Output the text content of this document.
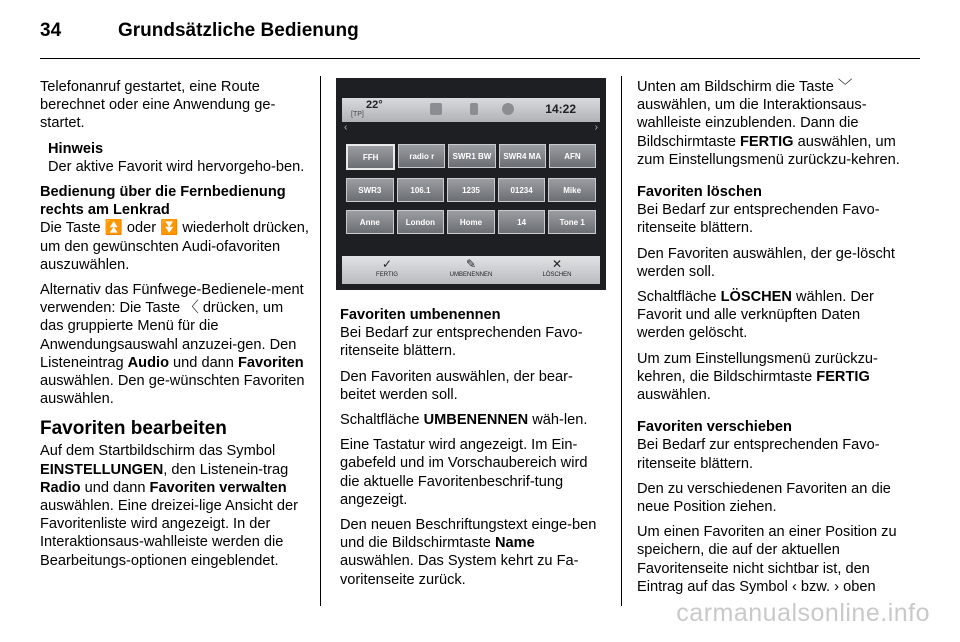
34	Grundsätzliche Bedienung

Telefonanruf gestartet, eine Route berechnet oder eine Anwendung ge-startet.

Hinweis
Der aktive Favorit wird hervorgeho-ben.

Bedienung über die Fernbedienung rechts am Lenkrad

Die Taste ⏫ oder ⏬ wiederholt drücken, um den gewünschten Audi-ofavoriten auszuwählen.

Alternativ das Fünfwege-Bedienele-ment verwenden: Die Taste 〈 drücken, um das gruppierte Menü für die Anwendungsauswahl anzuzei-gen. Den Listeneintrag Audio und dann Favoriten auswählen. Den ge-wünschten Favoriten auswählen.

Favoriten bearbeiten

Auf dem Startbildschirm das Symbol EINSTELLUNGEN, den Listenein-trag Radio und dann Favoriten verwalten auswählen. Eine dreizei-lige Ansicht der Favoritenliste wird angezeigt. In der Interaktionsaus-wahlleiste werden die Bearbeitungs-optionen eingeblendet.

22°
[TP]	14:22
‹	›
FFH	radio r	SWR1 BW	SWR4 MA	AFN
SWR3	106.1	1235	01234	Mike
Anne	London	Home	14	Tone 1
✓
FERTIG
✎
UMBENENNEN
✕
LÖSCHEN

Favoriten umbenennen

Bei Bedarf zur entsprechenden Favo-ritenseite blättern.

Den Favoriten auswählen, der bear-beitet werden soll.

Schaltfläche UMBENENNEN wäh-len.

Eine Tastatur wird angezeigt. Im Ein-gabefeld und im Vorschaubereich wird die aktuelle Favoritenbeschrif-tung angezeigt.

Den neuen Beschriftungstext einge-ben und die Bildschirmtaste Name auswählen. Das System kehrt zu Fa-voritenseite zurück.

Unten am Bildschirm die Taste ﹀ auswählen, um die Interaktionsaus-wahlleiste einzublenden. Dann die Bildschirmtaste FERTIG auswählen, um zum Einstellungsmenü zurückzu-kehren.

Favoriten löschen

Bei Bedarf zur entsprechenden Favo-ritenseite blättern.

Den Favoriten auswählen, der ge-löscht werden soll.

Schaltfläche LÖSCHEN wählen. Der Favorit und alle verknüpften Daten werden gelöscht.

Um zum Einstellungsmenü zurückzu-kehren, die Bildschirmtaste FERTIG auswählen.

Favoriten verschieben

Bei Bedarf zur entsprechenden Favo-ritenseite blättern.

Den zu verschiedenen Favoriten an die neue Position ziehen.

Um einen Favoriten an einer Position zu speichern, die auf der aktuellen Favoritenseite nicht sichtbar ist, den Eintrag auf das Symbol ‹ bzw. › oben

carmanualsonline.info
